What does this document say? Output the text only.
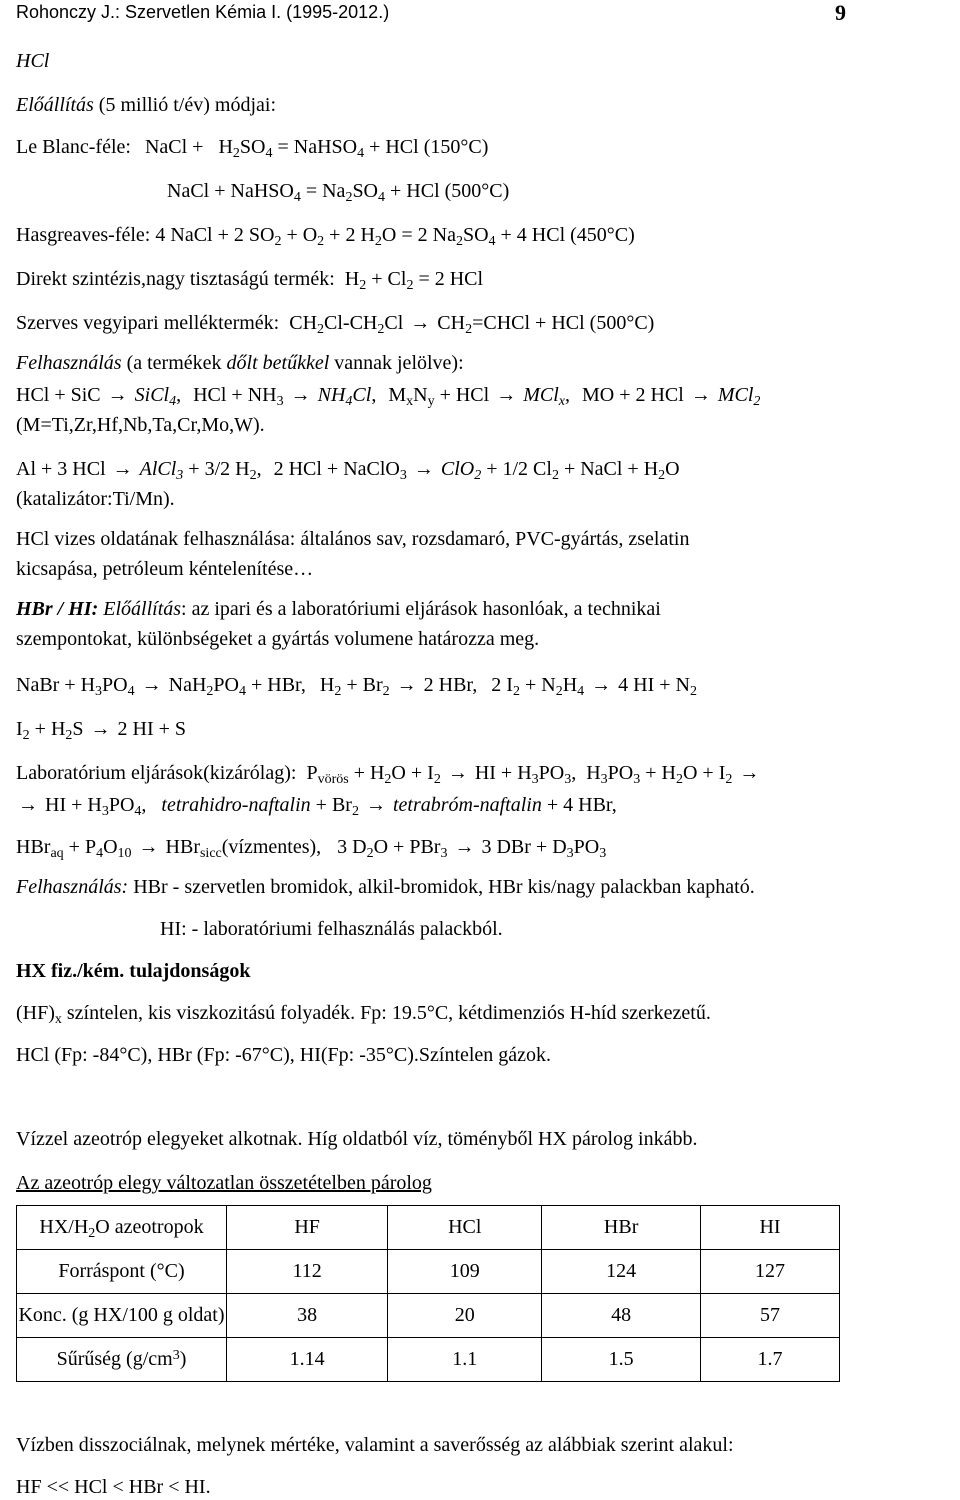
Rohonczy J.: Szervetlen Kémia I. (1995-2012.)	9
HCl
Előállítás (5 millió t/év) módjai:
Le Blanc-féle: NaCl + $H_2SO_4$ = NaHSO$_4$ + HCl (150°C)
NaCl + NaHSO$_4$ = $Na_2SO_4$ + HCl (500°C)
Hasgreaves-féle: 4 NaCl + 2 $SO_2 + O_2 + 2$ $H_2O = 2$ $Na_2SO_4 + 4$ HCl (450°C)
Direkt szintézis,nagy tisztaságú termék:  $H_2 + Cl_2 = 2$ HCl
Szerves vegyipari melléktermék:  $CH_2Cl-CH_2Cl$ → $CH_2=CHCl$ + HCl (500°C)
Felhasználás (a termékek dőlt betűkkel vannak jelölve):
HCl + SiC → SiCl$_4$, HCl + $NH_3 \to NH_4Cl$, $M_xN_y$ + HCl → MCl$_x$, MO + 2 HCl → MCl$_2$
(M=Ti,Zr,Hf,Nb,Ta,Cr,Mo,W).
Al + 3 HCl → AlCl$_3$ + 3/2 $H_2$, 2 HCl + NaClO$_3$ → ClO$_2$ + 1/2 $Cl_2$ + NaCl + $H_2O$
(katalizátor:Ti/Mn).
HCl vizes oldatának felhasználása: általános sav, rozsdamaró, PVC-gyártás, zselatin
kicsapása, petróleum kéntelenítése…
HBr / HI: Előállítás: az ipari és a laboratóriumi eljárások hasonlóak, a technikai
szempontokat, különbségeket a gyártás volumene határozza meg.
NaBr + $H_3PO_4 \to NaH_2PO_4$ + HBr, $H_2 + Br_2 \to 2$ HBr, 2 $I_2 + N_2H_4 \to 4$ HI + $N_2$
$I_2 + H_2S \to 2$ HI + S
Laboratórium eljárások(kizárólag):  $P_{vörös} + H_2O + I_2$ → HI + $H_3PO_3$,  $H_3PO_3 + H_2O + I_2$ →
→ HI + $H_3PO_4$,   tetrahidro-naftalin + $Br_2$ → tetrabróm-naftalin + 4 HBr,
$HBr_{aq} + P_4O_{10}$ → HBr$_{sicc}$(vízmentes), 3 $D_2O + PBr_3 \to 3$ DBr + $D_3PO_3$
Felhasználás: HBr - szervetlen bromidok, alkil-bromidok, HBr kis/nagy palackban kapható.
HI: - laboratóriumi felhasználás palackból.
HX fiz./kém. tulajdonságok
$(HF)_x$ színtelen, kis viszkozitású folyadék. Fp: 19.5°C, kétdimenziós H-híd szerkezetű.
HCl (Fp: -84°C), HBr (Fp: -67°C), HI(Fp: -35°C).Színtelen gázok.
Vízzel azeotróp elegyeket alkotnak. Híg oldatból víz, töményből HX párolog inkább.
Az azeotróp elegy változatlan összetételben párolog
$HX/H_2O$ azeotropok	HF	HCl	HBr	HI
Forráspont (°C)	112	109	124	127
Konc. (g HX/100 g oldat)	38	20	48	57
Sűrűség $(g/cm^3)$	1.14	1.1	1.5	1.7
Vízben disszociálnak, melynek mértéke, valamint a saverősség az alábbiak szerint alakul:
HF << HCl < HBr < HI.
